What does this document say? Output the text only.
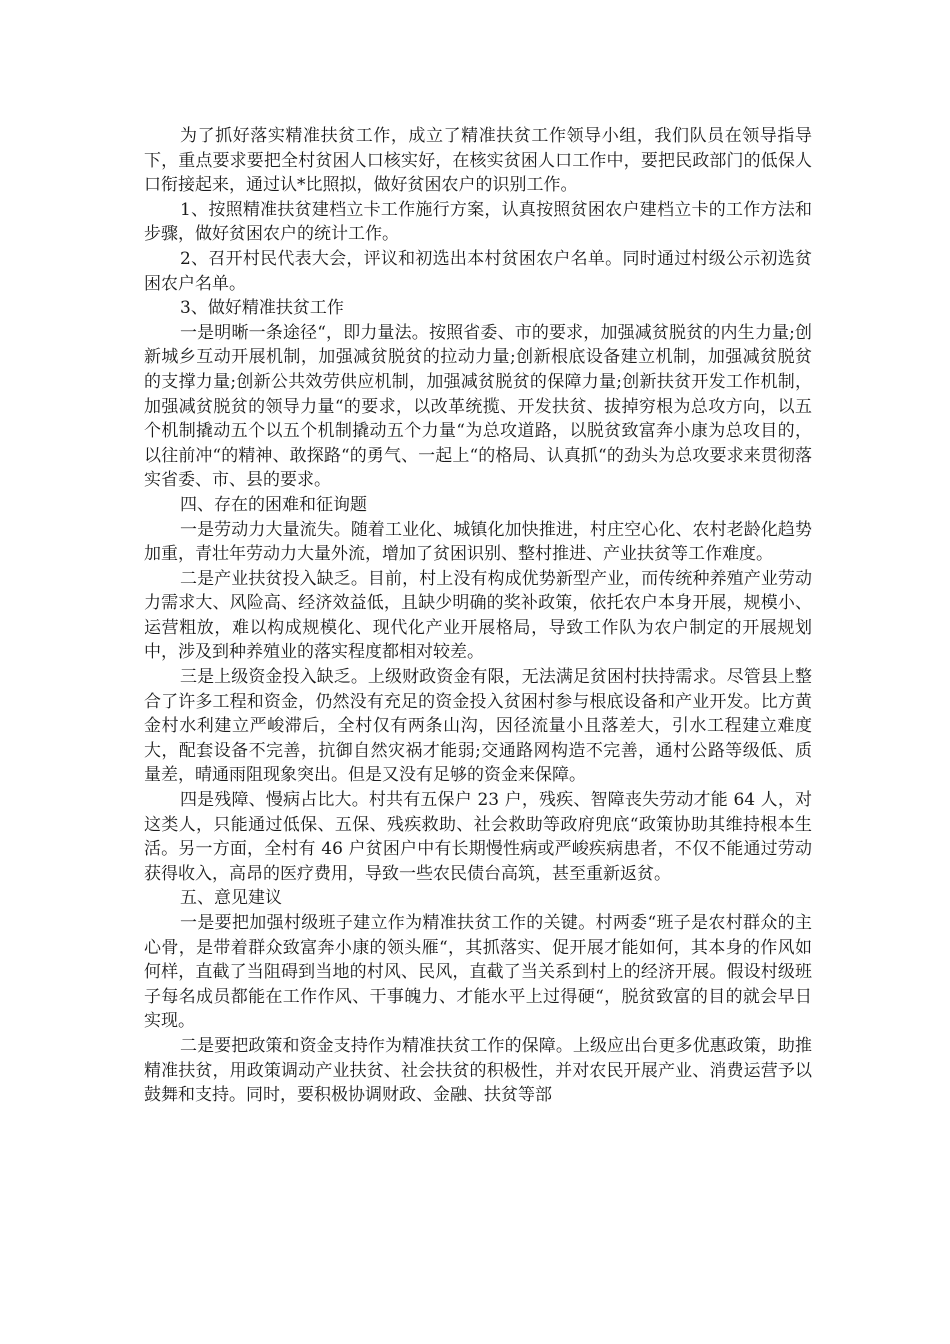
为了抓好落实精准扶贫工作，成立了精准扶贫工作领导小组，我们队员在领导指导下，重点要求要把全村贫困人口核实好，在核实贫困人口工作中，要把民政部门的低保人口衔接起来，通过认*比照拟，做好贫困农户的识别工作。

1、按照精准扶贫建档立卡工作施行方案，认真按照贫困农户建档立卡的工作方法和步骤，做好贫困农户的统计工作。

2、召开村民代表大会，评议和初选出本村贫困农户名单。同时通过村级公示初选贫困农户名单。

3、做好精准扶贫工作

一是明晰一条途径“，即力量法。按照省委、市的要求，加强减贫脱贫的内生力量;创新城乡互动开展机制，加强减贫脱贫的拉动力量;创新根底设备建立机制，加强减贫脱贫的支撑力量;创新公共效劳供应机制，加强减贫脱贫的保障力量;创新扶贫开发工作机制，加强减贫脱贫的领导力量“的要求，以改革统揽、开发扶贫、拔掉穷根为总攻方向，以五个机制撬动五个以五个机制撬动五个力量“为总攻道路，以脱贫致富奔小康为总攻目的，以往前冲“的精神、敢探路“的勇气、一起上“的格局、认真抓“的劲头为总攻要求来贯彻落实省委、市、县的要求。

四、存在的困难和征询题

一是劳动力大量流失。随着工业化、城镇化加快推进，村庄空心化、农村老龄化趋势加重，青壮年劳动力大量外流，增加了贫困识别、整村推进、产业扶贫等工作难度。

二是产业扶贫投入缺乏。目前，村上没有构成优势新型产业，而传统种养殖产业劳动力需求大、风险高、经济效益低，且缺少明确的奖补政策，依托农户本身开展，规模小、运营粗放，难以构成规模化、现代化产业开展格局，导致工作队为农户制定的开展规划中，涉及到种养殖业的落实程度都相对较差。

三是上级资金投入缺乏。上级财政资金有限，无法满足贫困村扶持需求。尽管县上整合了许多工程和资金，仍然没有充足的资金投入贫困村参与根底设备和产业开发。比方黄金村水利建立严峻滞后，全村仅有两条山沟，因径流量小且落差大，引水工程建立难度大，配套设备不完善，抗御自然灾祸才能弱;交通路网构造不完善，通村公路等级低、质量差，晴通雨阻现象突出。但是又没有足够的资金来保障。

四是残障、慢病占比大。村共有五保户 23 户，残疾、智障丧失劳动才能 64 人，对这类人，只能通过低保、五保、残疾救助、社会救助等政府兜底“政策协助其维持根本生活。另一方面，全村有 46 户贫困户中有长期慢性病或严峻疾病患者，不仅不能通过劳动获得收入，高昂的医疗费用，导致一些农民债台高筑，甚至重新返贫。

五、意见建议

一是要把加强村级班子建立作为精准扶贫工作的关键。村两委“班子是农村群众的主心骨，是带着群众致富奔小康的领头雁“，其抓落实、促开展才能如何，其本身的作风如何样，直截了当阻碍到当地的村风、民风，直截了当关系到村上的经济开展。假设村级班子每名成员都能在工作作风、干事魄力、才能水平上过得硬“，脱贫致富的目的就会早日实现。

二是要把政策和资金支持作为精准扶贫工作的保障。上级应出台更多优惠政策，助推精准扶贫，用政策调动产业扶贫、社会扶贫的积极性，并对农民开展产业、消费运营予以鼓舞和支持。同时，要积极协调财政、金融、扶贫等部
